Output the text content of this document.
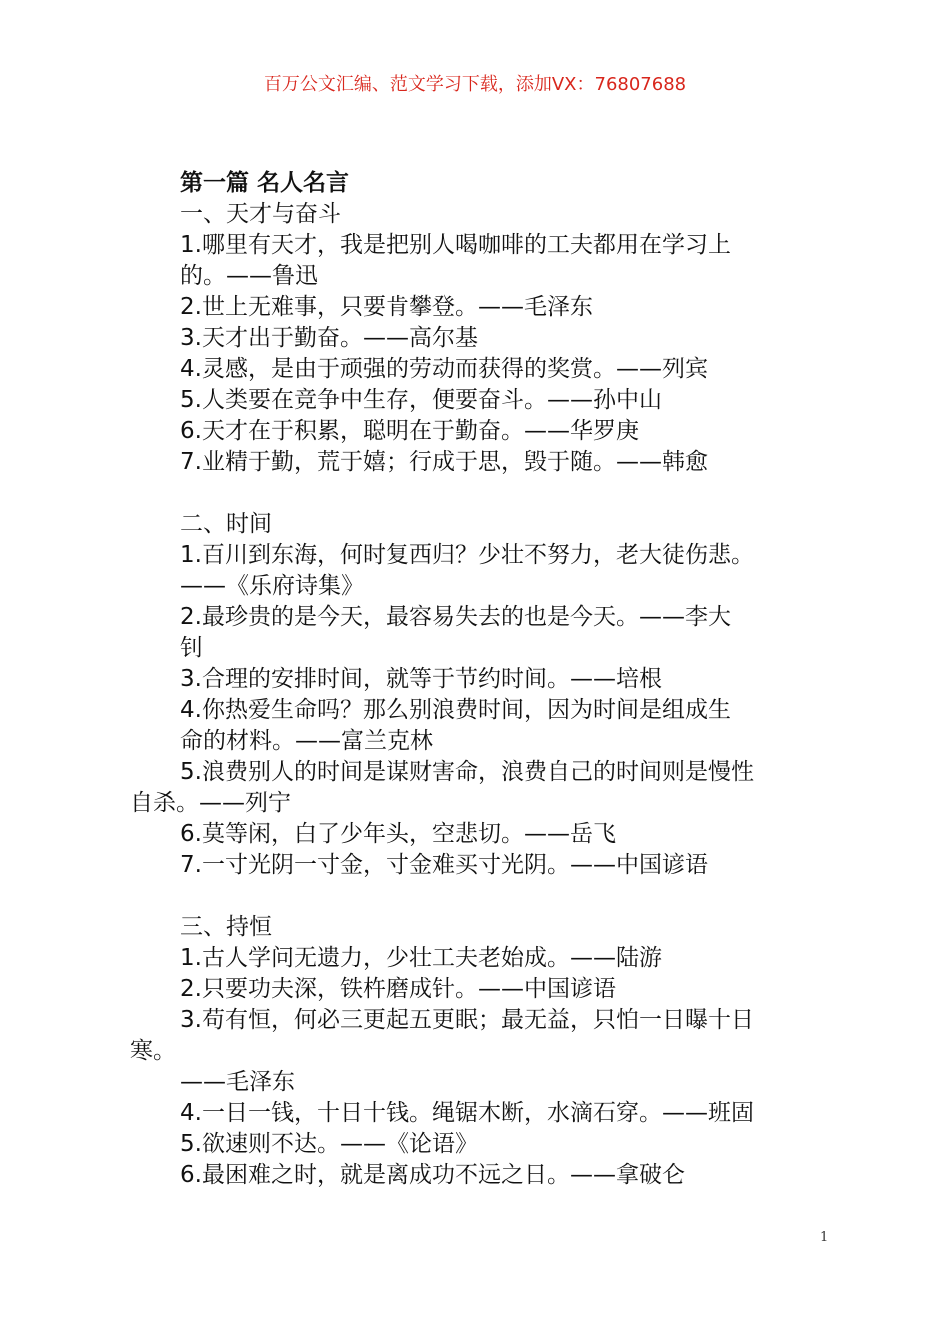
百万公文汇编、范文学习下载，添加VX：76807688
第一篇 名人名言
一、天才与奋斗
1.哪里有天才，我是把别人喝咖啡的工夫都用在学习上
的。——鲁迅
2.世上无难事，只要肯攀登。——毛泽东
3.天才出于勤奋。——高尔基
4.灵感，是由于顽强的劳动而获得的奖赏。——列宾
5.人类要在竞争中生存，便要奋斗。——孙中山
6.天才在于积累，聪明在于勤奋。——华罗庚
7.业精于勤，荒于嬉；行成于思，毁于随。——韩愈
二、时间
1.百川到东海，何时复西归？少壮不努力，老大徒伤悲。
——《乐府诗集》
2.最珍贵的是今天，最容易失去的也是今天。——李大
钊
3.合理的安排时间，就等于节约时间。——培根
4.你热爱生命吗？那么别浪费时间，因为时间是组成生
命的材料。——富兰克林
5.浪费别人的时间是谋财害命，浪费自己的时间则是慢性
自杀。——列宁
6.莫等闲，白了少年头，空悲切。——岳飞
7.一寸光阴一寸金，寸金难买寸光阴。——中国谚语
三、持恒
1.古人学问无遗力，少壮工夫老始成。——陆游
2.只要功夫深，铁杵磨成针。——中国谚语
3.苟有恒，何必三更起五更眠；最无益，只怕一日曝十日
寒。
——毛泽东
4.一日一钱，十日十钱。绳锯木断，水滴石穿。——班固
5.欲速则不达。——《论语》
6.最困难之时，就是离成功不远之日。——拿破仑
1
